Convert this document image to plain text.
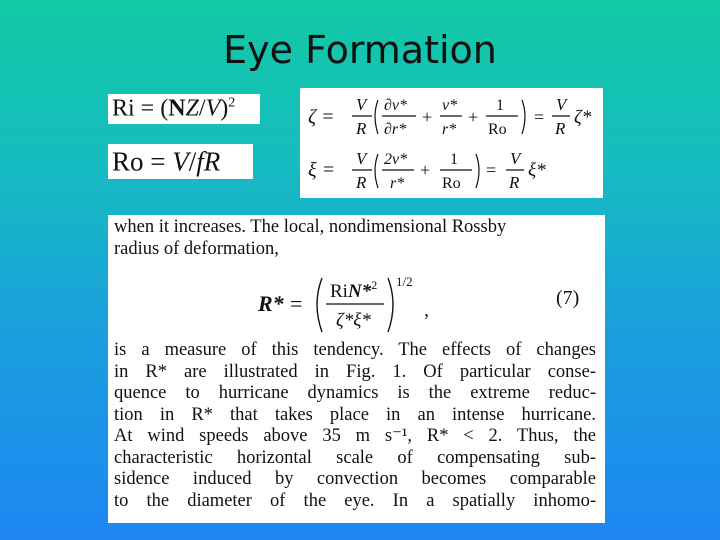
Eye Formation
$Ri = (NZ/V)^2$
Ro = V/fR
ζ =
V
R
∂v*
∂r*
+
v*
r*
+
1
Ro
=
V
R
ζ*
ξ =
V
R
2v*
r*
+
1
Ro
=
V
R
ξ*
when it increases. The local, nondimensional Rossby
radius of deformation,
R* = RiN*$^2$
ζ*ξ*
1/2
,
(7)
is a measure of this tendency. The effects of changes
in R* are illustrated in Fig. 1. Of particular conse-
quence to hurricane dynamics is the extreme reduc-
tion in R* that takes place in an intense hurricane.
At wind speeds above 35 m s⁻¹, R* < 2. Thus, the
characteristic horizontal scale of compensating sub-
sidence induced by convection becomes comparable
to the diameter of the eye. In a spatially inhomo-
